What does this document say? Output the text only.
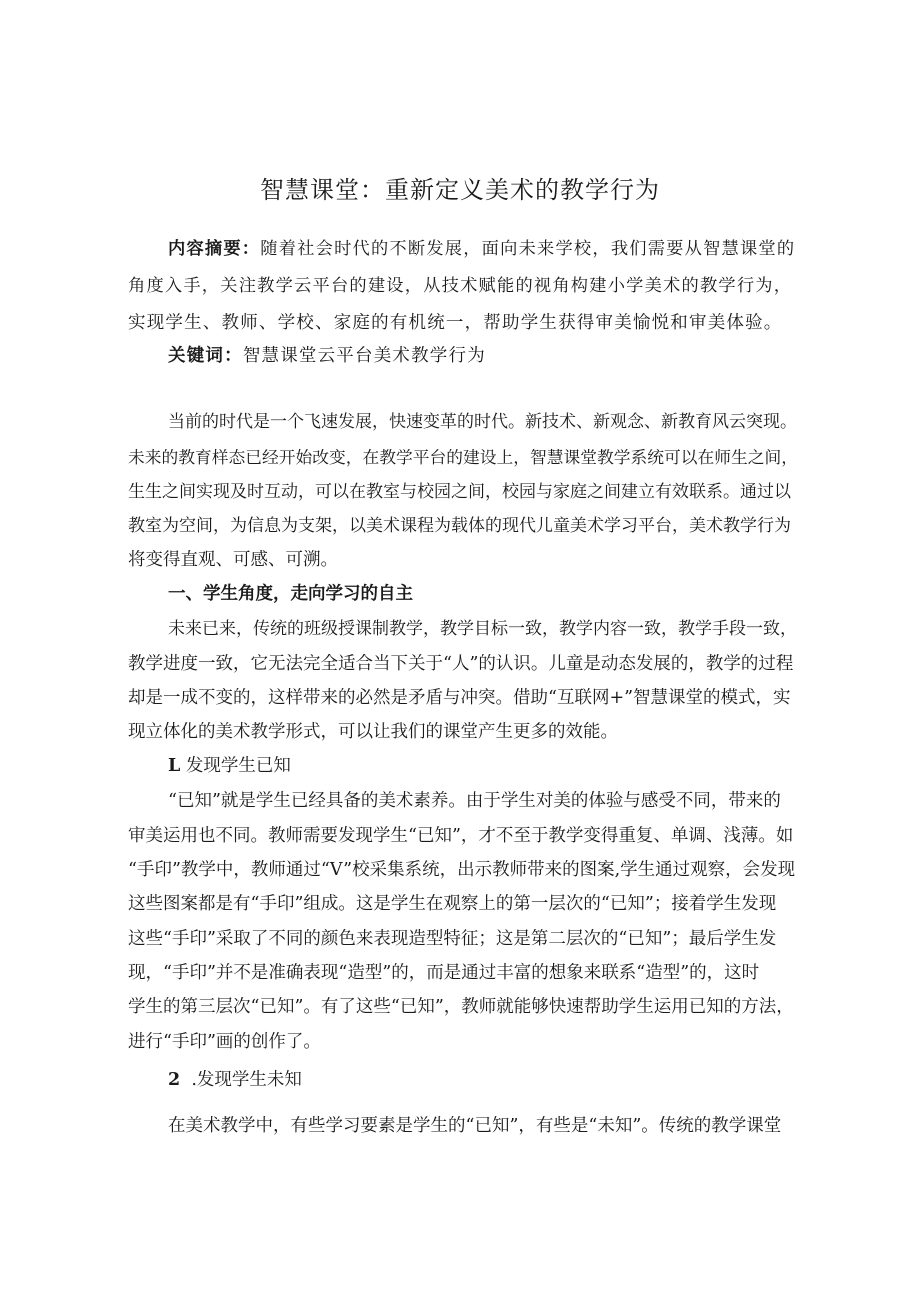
智慧课堂：重新定义美术的教学行为
内容摘要：随着社会时代的不断发展，面向未来学校，我们需要从智慧课堂的
角度入手，关注教学云平台的建设，从技术赋能的视角构建小学美术的教学行为，
实现学生、教师、学校、家庭的有机统一，帮助学生获得审美愉悦和审美体验。
关键词：智慧课堂云平台美术教学行为
当前的时代是一个飞速发展，快速变革的时代。新技术、新观念、新教育风云突现。
未来的教育样态已经开始改变，在教学平台的建设上，智慧课堂教学系统可以在师生之间，
生生之间实现及时互动，可以在教室与校园之间，校园与家庭之间建立有效联系。通过以
教室为空间，为信息为支架，以美术课程为载体的现代儿童美术学习平台，美术教学行为
将变得直观、可感、可溯。
一、学生角度，走向学习的自主
未来已来，传统的班级授课制教学，教学目标一致，教学内容一致，教学手段一致，
教学进度一致，它无法完全适合当下关于“人”的认识。儿童是动态发展的，教学的过程
却是一成不变的，这样带来的必然是矛盾与冲突。借助“互联网+”智慧课堂的模式，实
现立体化的美术教学形式，可以让我们的课堂产生更多的效能。
L 发现学生已知
“已知”就是学生已经具备的美术素养。由于学生对美的体验与感受不同，带来的
审美运用也不同。教师需要发现学生“已知”，才不至于教学变得重复、单调、浅薄。如
“手印”教学中，教师通过“V”校采集系统，出示教师带来的图案,学生通过观察，会发现
这些图案都是有“手印”组成。这是学生在观察上的第一层次的“已知”；接着学生发现
这些“手印”采取了不同的颜色来表现造型特征；这是第二层次的“已知”；最后学生发
现，“手印”并不是准确表现“造型”的，而是通过丰富的想象来联系“造型”的，这时
学生的第三层次“已知”。有了这些“已知”，教师就能够快速帮助学生运用已知的方法，
进行“手印”画的创作了。
2 .发现学生未知
在美术教学中，有些学习要素是学生的“已知”，有些是“未知”。传统的教学课堂
